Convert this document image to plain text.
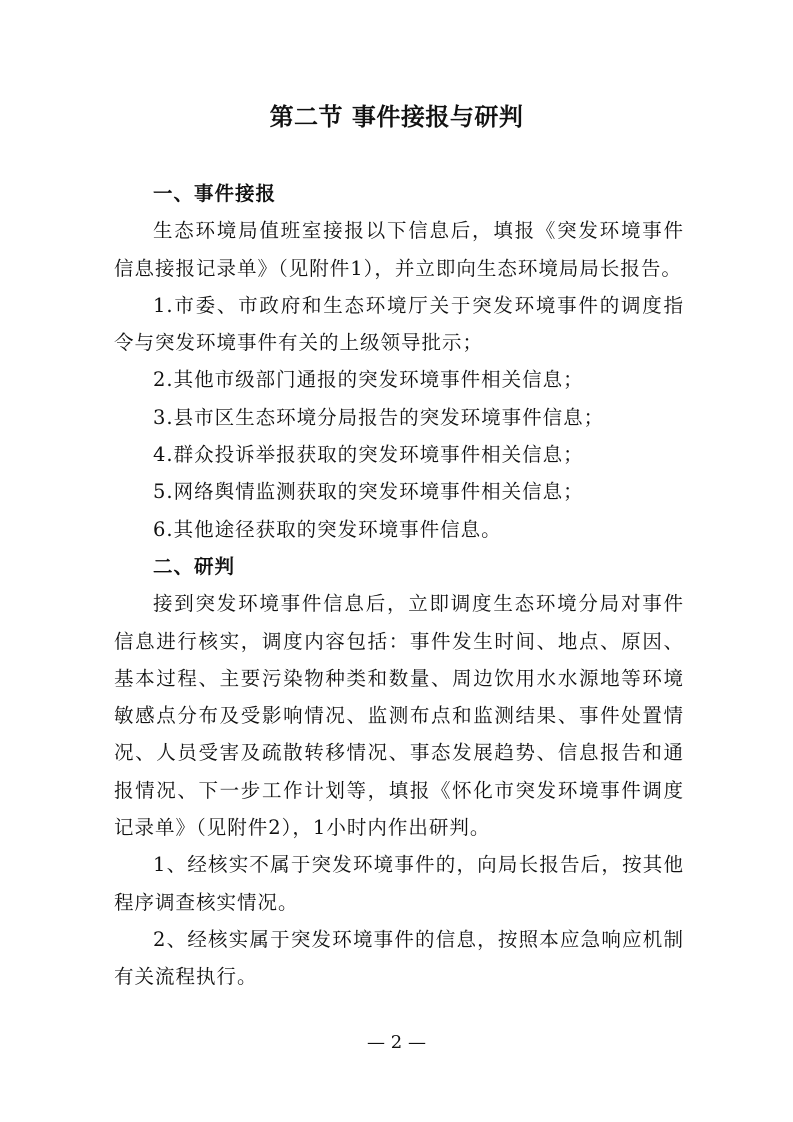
第二节 事件接报与研判

一、事件接报

生态环境局值班室接报以下信息后，填报《突发环境事件信息接报记录单》（见附件1），并立即向生态环境局局长报告。

1.市委、市政府和生态环境厅关于突发环境事件的调度指令与突发环境事件有关的上级领导批示；

2.其他市级部门通报的突发环境事件相关信息；

3.县市区生态环境分局报告的突发环境事件信息；

4.群众投诉举报获取的突发环境事件相关信息；

5.网络舆情监测获取的突发环境事件相关信息；

6.其他途径获取的突发环境事件信息。

二、研判

接到突发环境事件信息后，立即调度生态环境分局对事件信息进行核实，调度内容包括：事件发生时间、地点、原因、基本过程、主要污染物种类和数量、周边饮用水水源地等环境敏感点分布及受影响情况、监测布点和监测结果、事件处置情况、人员受害及疏散转移情况、事态发展趋势、信息报告和通报情况、下一步工作计划等，填报《怀化市突发环境事件调度记录单》（见附件2），1小时内作出研判。

1、经核实不属于突发环境事件的，向局长报告后，按其他程序调查核实情况。

2、经核实属于突发环境事件的信息，按照本应急响应机制有关流程执行。

— 2 —
